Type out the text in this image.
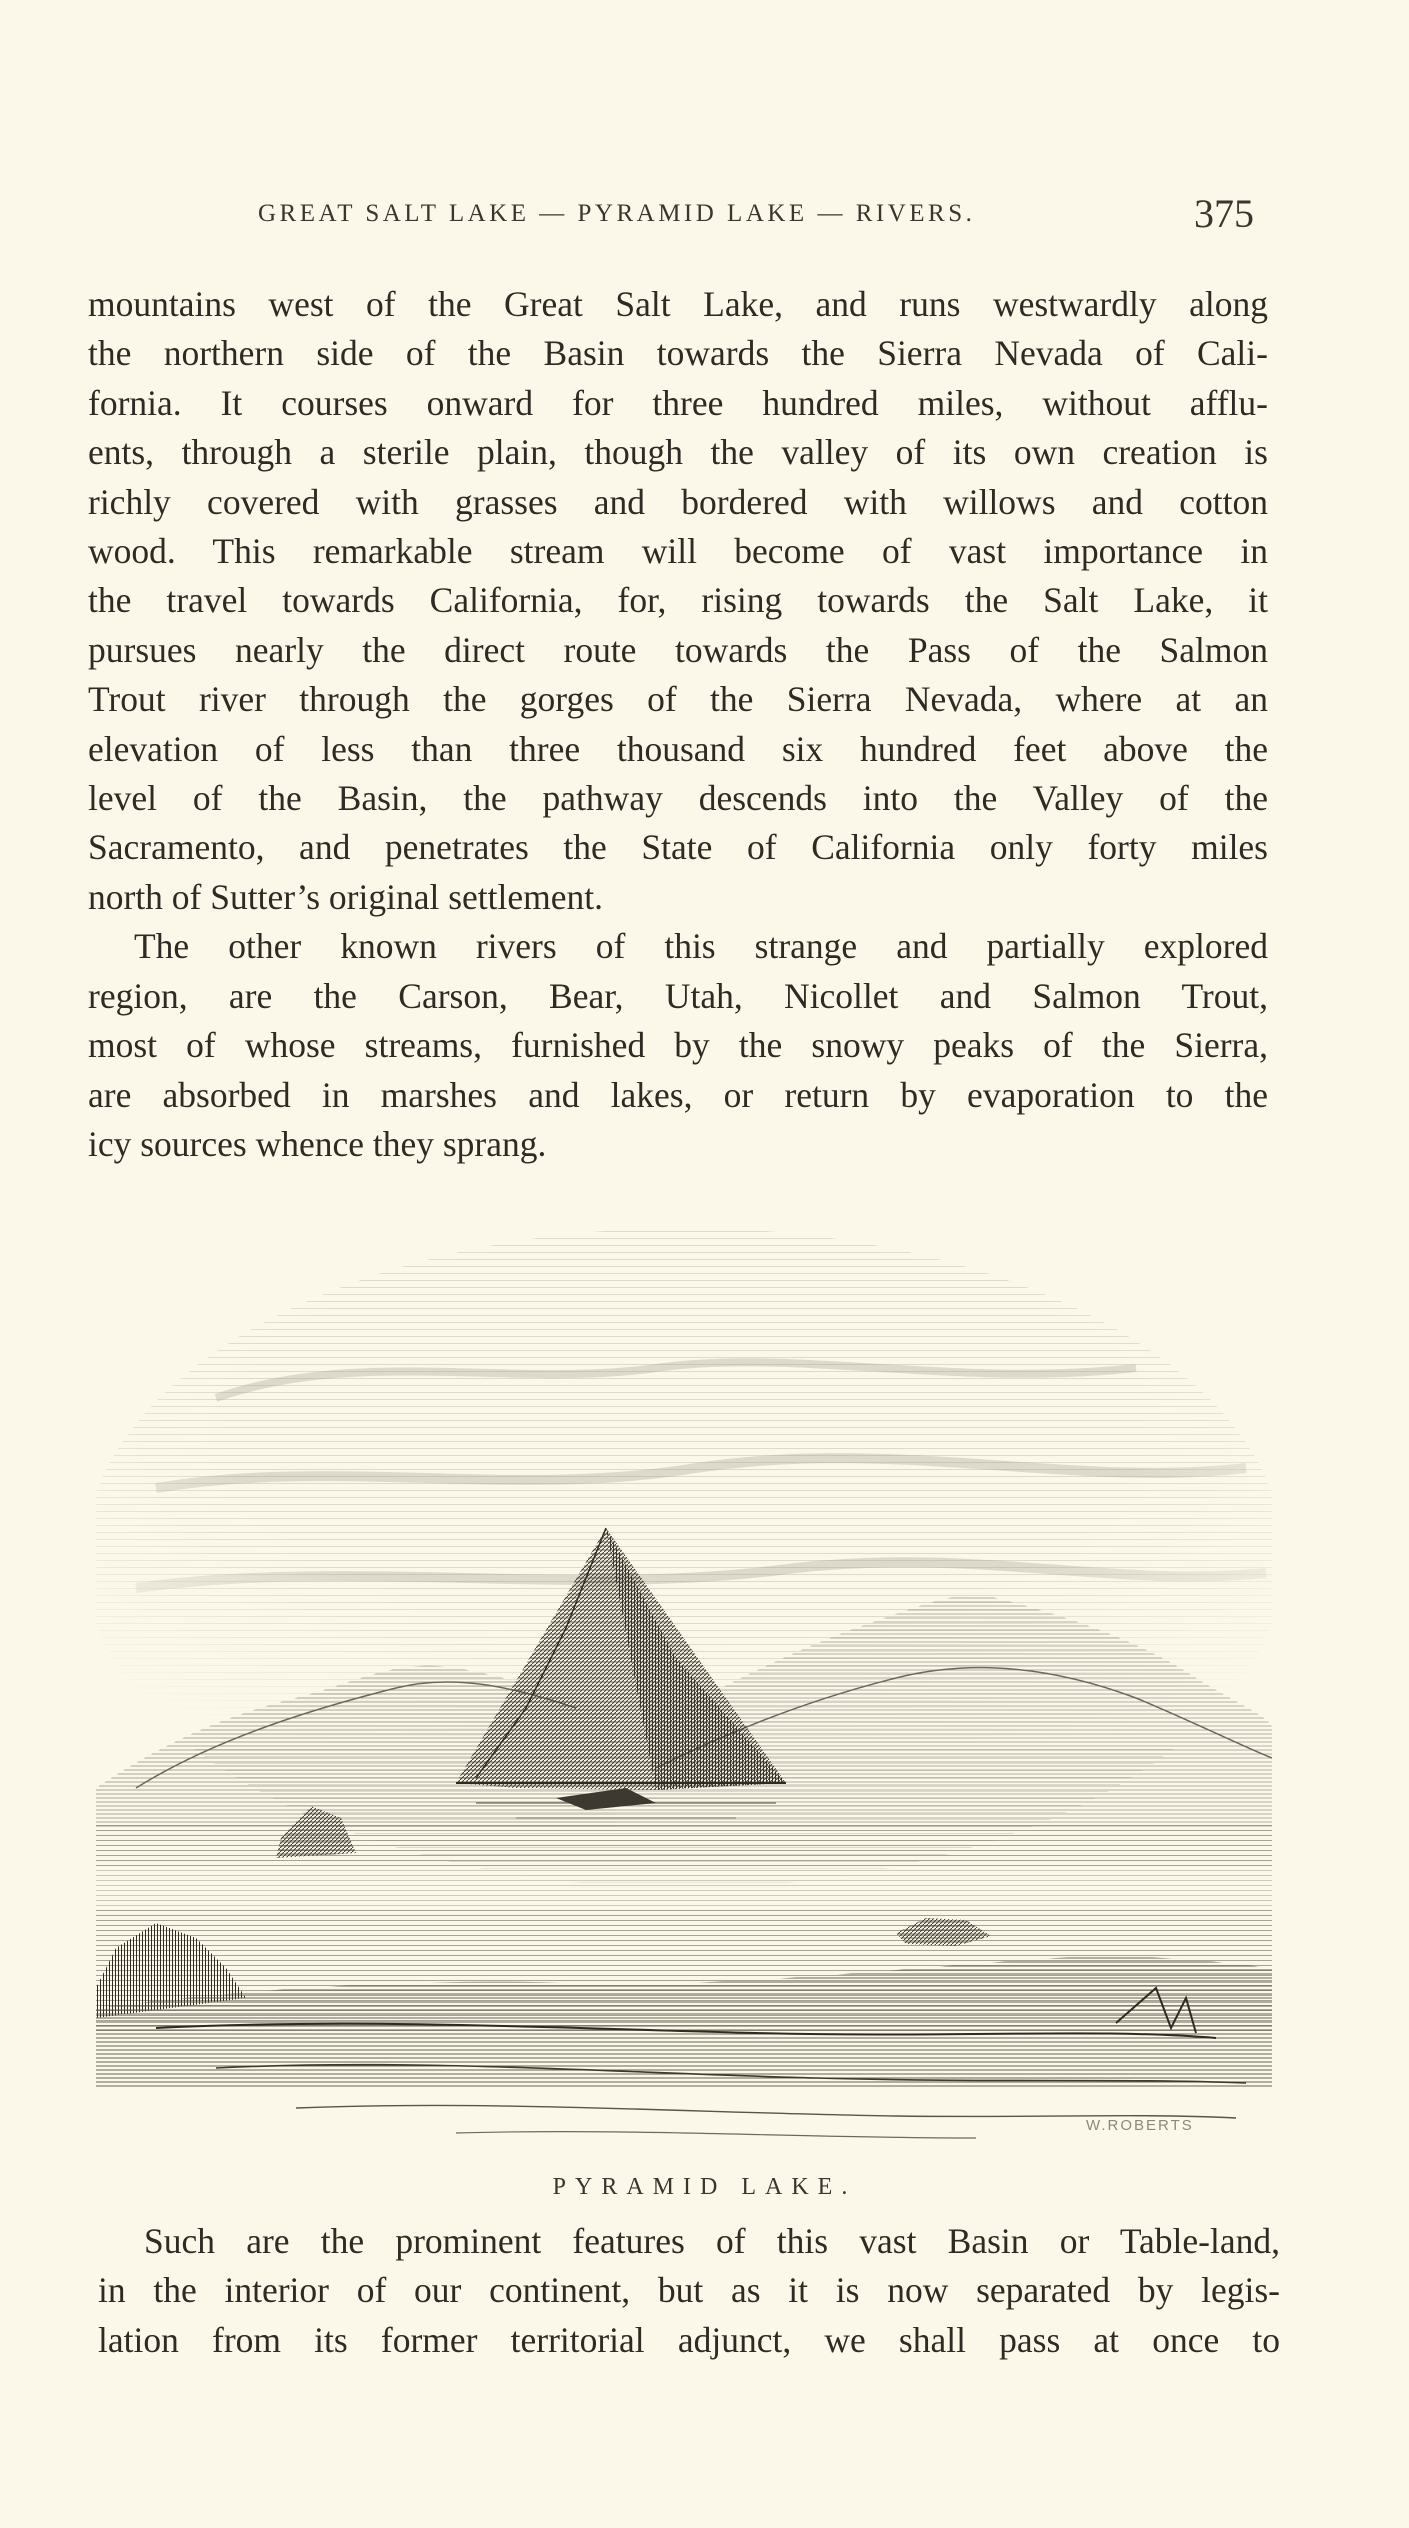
GREAT SALT LAKE — PYRAMID LAKE — RIVERS.	375
mountains west of the Great Salt Lake, and runs westwardly along
the northern side of the Basin towards the Sierra Nevada of Cali-
fornia. It courses onward for three hundred miles, without afflu-
ents, through a sterile plain, though the valley of its own creation is
richly covered with grasses and bordered with willows and cotton
wood. This remarkable stream will become of vast importance in
the travel towards California, for, rising towards the Salt Lake, it
pursues nearly the direct route towards the Pass of the Salmon
Trout river through the gorges of the Sierra Nevada, where at an
elevation of less than three thousand six hundred feet above the
level of the Basin, the pathway descends into the Valley of the
Sacramento, and penetrates the State of California only forty miles
north of Sutter’s original settlement.
The other known rivers of this strange and partially explored
region, are the Carson, Bear, Utah, Nicollet and Salmon Trout,
most of whose streams, furnished by the snowy peaks of the Sierra,
are absorbed in marshes and lakes, or return by evaporation to the
icy sources whence they sprang.
W.ROBERTS
PYRAMID LAKE.
Such are the prominent features of this vast Basin or Table-land,
in the interior of our continent, but as it is now separated by legis-
lation from its former territorial adjunct, we shall pass at once to
